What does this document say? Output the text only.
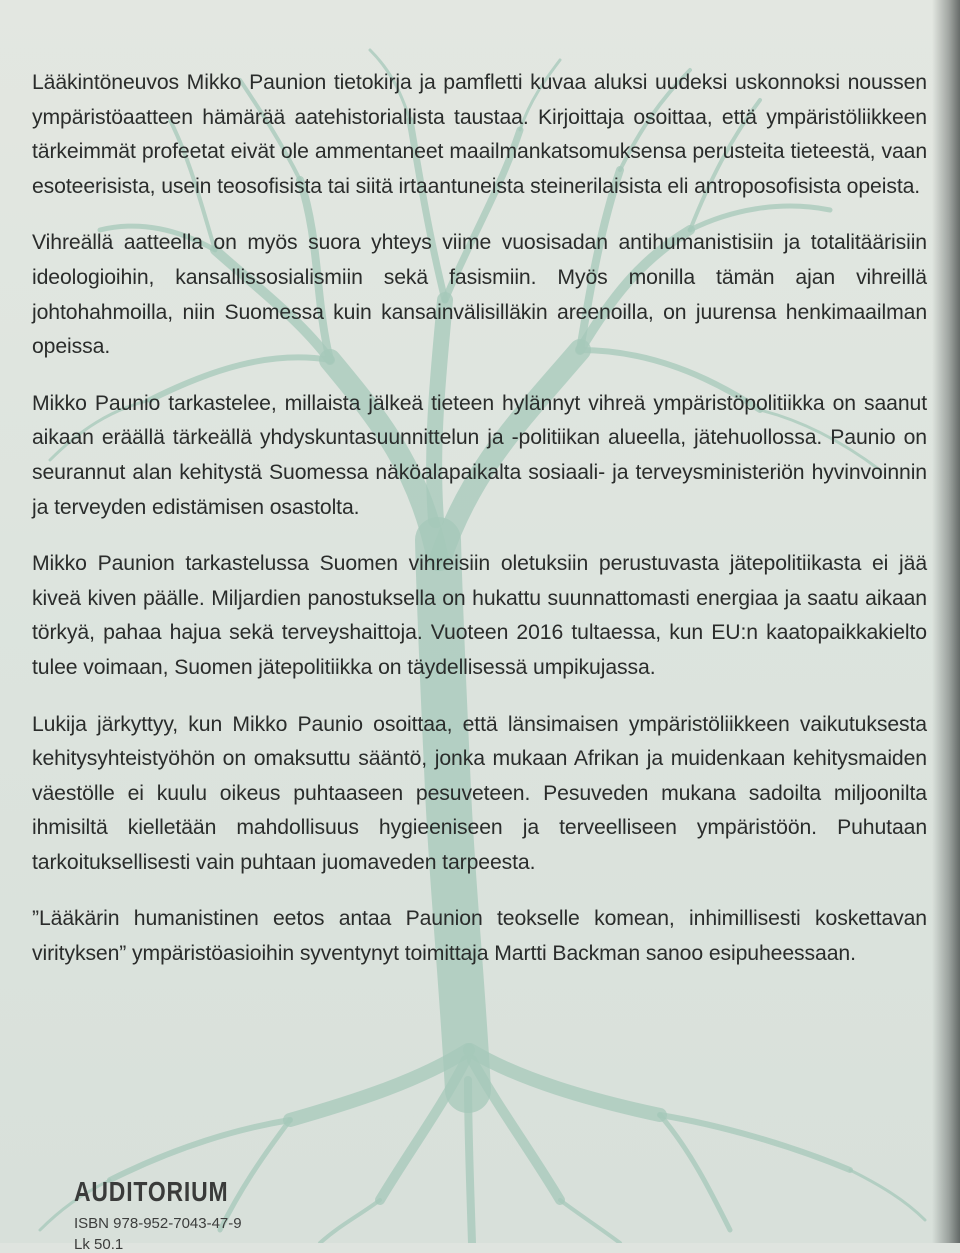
Lääkintöneuvos Mikko Paunion tietokirja ja pamfletti kuvaa aluksi uudeksi uskonnoksi noussen ympäristöaatteen hämärää aatehistoriallista taustaa. Kirjoittaja osoittaa, että ympäristöliikkeen tärkeimmät profeetat eivät ole ammentaneet maailmankatsomuksensa perusteita tieteestä, vaan esoteerisista, usein teosofisista tai siitä irtaantuneista steinerilaisista eli antroposofisista opeista.

Vihreällä aatteella on myös suora yhteys viime vuosisadan antihumanistisiin ja totalitäärisiin ideologioihin, kansallissosialismiin sekä fasismiin. Myös monilla tämän ajan vihreillä johtohahmoilla, niin Suomessa kuin kansainvälisilläkin areenoilla, on juurensa henkimaailman opeissa.

Mikko Paunio tarkastelee, millaista jälkeä tieteen hylännyt vihreä ympäristöpolitiikka on saanut aikaan eräällä tärkeällä yhdyskuntasuunnittelun ja -politiikan alueella, jätehuollossa. Paunio on seurannut alan kehitystä Suomessa näköalapaikalta sosiaali- ja terveysministeriön hyvinvoinnin ja terveyden edistämisen osastolta.

Mikko Paunion tarkastelussa Suomen vihreisiin oletuksiin perustuvasta jätepolitiikasta ei jää kiveä kiven päälle. Miljardien panostuksella on hukattu suunnattomasti energiaa ja saatu aikaan törkyä, pahaa hajua sekä terveyshaittoja. Vuoteen 2016 tultaessa, kun EU:n kaatopaikkakielto tulee voimaan, Suomen jätepolitiikka on täydellisessä umpikujassa.

Lukija järkyttyy, kun Mikko Paunio osoittaa, että länsimaisen ympäristöliikkeen vaikutuksesta kehitysyhteistyöhön on omaksuttu sääntö, jonka mukaan Afrikan ja muidenkaan kehitysmaiden väestölle ei kuulu oikeus puhtaaseen pesuveteen. Pesuveden mukana sadoilta miljoonilta ihmisiltä kielletään mahdollisuus hygieeniseen ja terveelliseen ympäristöön. Puhutaan tarkoituksellisesti vain puhtaan juomaveden tarpeesta.

”Lääkärin humanistinen eetos antaa Paunion teokselle komean, inhimillisesti koskettavan virityksen” ympäristöasioihin syventynyt toimittaja Martti Backman sanoo esipuheessaan.

AUDITORIUM
ISBN 978-952-7043-47-9
Lk 50.1
